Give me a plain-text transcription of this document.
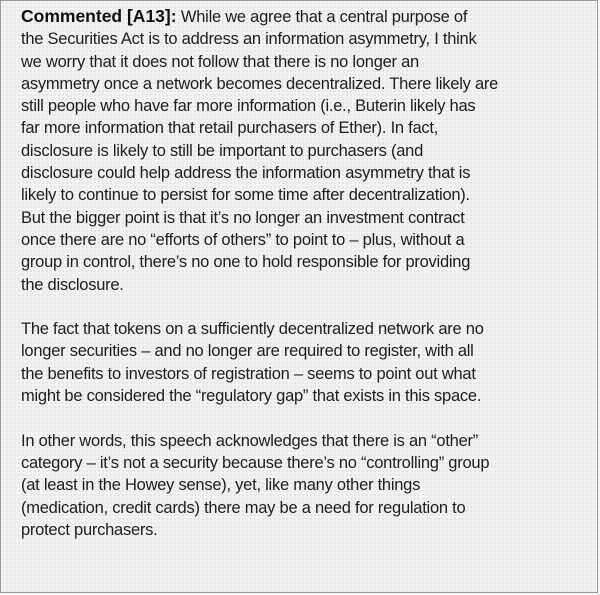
Commented [A13]: While we agree that a central purpose of
the Securities Act is to address an information asymmetry, I think
we worry that it does not follow that there is no longer an
asymmetry once a network becomes decentralized. There likely are
still people who have far more information (i.e., Buterin likely has
far more information that retail purchasers of Ether). In fact,
disclosure is likely to still be important to purchasers (and
disclosure could help address the information asymmetry that is
likely to continue to persist for some time after decentralization).
But the bigger point is that it’s no longer an investment contract
once there are no “efforts of others” to point to – plus, without a
group in control, there’s no one to hold responsible for providing
the disclosure.

The fact that tokens on a sufficiently decentralized network are no
longer securities – and no longer are required to register, with all
the benefits to investors of registration – seems to point out what
might be considered the “regulatory gap” that exists in this space.

In other words, this speech acknowledges that there is an “other”
category – it’s not a security because there’s no “controlling” group
(at least in the Howey sense), yet, like many other things
(medication, credit cards) there may be a need for regulation to
protect purchasers.
